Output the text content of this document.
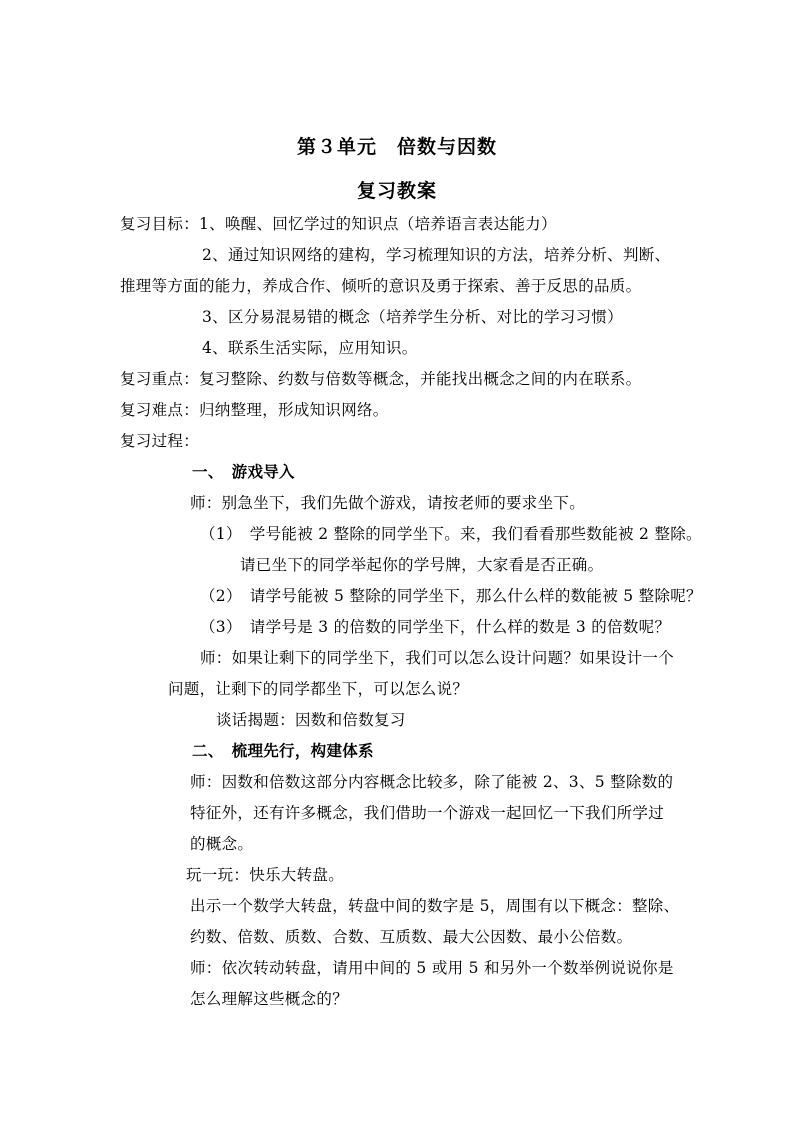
第３单元　倍数与因数
复习教案
复习目标：1、唤醒、回忆学过的知识点（培养语言表达能力）
2、通过知识网络的建构，学习梳理知识的方法，培养分析、判断、
推理等方面的能力，养成合作、倾听的意识及勇于探索、善于反思的品质。
3、区分易混易错的概念（培养学生分析、对比的学习习惯）
4、联系生活实际，应用知识。
复习重点：复习整除、约数与倍数等概念，并能找出概念之间的内在联系。
复习难点：归纳整理，形成知识网络。
复习过程：
一、　游戏导入
师：别急坐下，我们先做个游戏，请按老师的要求坐下。
（1）　学号能被 2 整除的同学坐下。来，我们看看那些数能被 2 整除。
请已坐下的同学举起你的学号牌，大家看是否正确。
（2）　请学号能被 5 整除的同学坐下，那么什么样的数能被 5 整除呢？
（3）　请学号是 3 的倍数的同学坐下，什么样的数是 3 的倍数呢？
师：如果让剩下的同学坐下，我们可以怎么设计问题？如果设计一个
问题，让剩下的同学都坐下，可以怎么说？
谈话揭题：因数和倍数复习
二、　梳理先行，构建体系
师：因数和倍数这部分内容概念比较多，除了能被 2、3、5 整除数的
特征外，还有许多概念，我们借助一个游戏一起回忆一下我们所学过
的概念。
玩一玩：快乐大转盘。
出示一个数学大转盘，转盘中间的数字是 5，周围有以下概念：整除、
约数、倍数、质数、合数、互质数、最大公因数、最小公倍数。
师：依次转动转盘，请用中间的 5 或用 5 和另外一个数举例说说你是
怎么理解这些概念的？
